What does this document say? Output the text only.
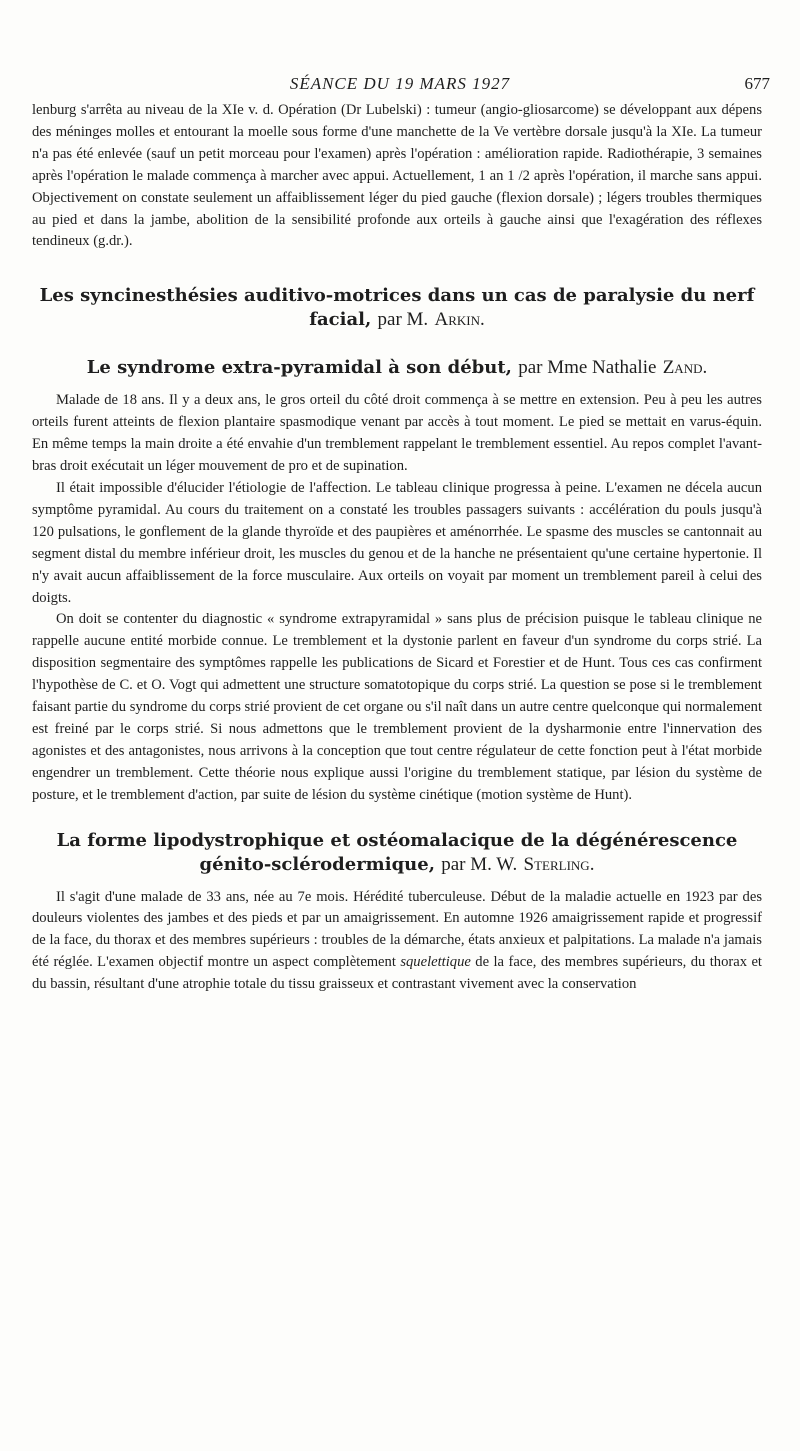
SÉANCE DU 19 MARS 1927	677

lenburg s'arrêta au niveau de la XIe v. d. Opération (Dr Lubelski) : tumeur (angio-gliosarcome) se développant aux dépens des méninges molles et entourant la moelle sous forme d'une manchette de la Ve vertèbre dorsale jusqu'à la XIe. La tumeur n'a pas été enlevée (sauf un petit morceau pour l'examen) après l'opération : amélioration rapide. Radiothérapie, 3 semaines après l'opération le malade commença à marcher avec appui. Actuellement, 1 an 1 /2 après l'opération, il marche sans appui. Objectivement on constate seulement un affaiblissement léger du pied gauche (flexion dorsale) ; légers troubles thermiques au pied et dans la jambe, abolition de la sensibilité profonde aux orteils à gauche ainsi que l'exagération des réflexes tendineux (g.dr.).

Les syncinesthésies auditivo-motrices dans un cas de paralysie du nerf facial, par M. Arkin.
Le syndrome extra-pyramidal à son début, par Mme Nathalie Zand.

Malade de 18 ans. Il y a deux ans, le gros orteil du côté droit commença à se mettre en extension. Peu à peu les autres orteils furent atteints de flexion plantaire spasmodique venant par accès à tout moment. Le pied se mettait en varus-équin. En même temps la main droite a été envahie d'un tremblement rappelant le tremblement essentiel. Au repos complet l'avant-bras droit exécutait un léger mouvement de pro et de supination.

Il était impossible d'élucider l'étiologie de l'affection. Le tableau clinique progressa à peine. L'examen ne décela aucun symptôme pyramidal. Au cours du traitement on a constaté les troubles passagers suivants : accélération du pouls jusqu'à 120 pulsations, le gonflement de la glande thyroïde et des paupières et aménorrhée. Le spasme des muscles se cantonnait au segment distal du membre inférieur droit, les muscles du genou et de la hanche ne présentaient qu'une certaine hypertonie. Il n'y avait aucun affaiblissement de la force musculaire. Aux orteils on voyait par moment un tremblement pareil à celui des doigts.

On doit se contenter du diagnostic « syndrome extrapyramidal » sans plus de précision puisque le tableau clinique ne rappelle aucune entité morbide connue. Le tremblement et la dystonie parlent en faveur d'un syndrome du corps strié. La disposition segmentaire des symptômes rappelle les publications de Sicard et Forestier et de Hunt. Tous ces cas confirment l'hypothèse de C. et O. Vogt qui admettent une structure somatotopique du corps strié. La question se pose si le tremblement faisant partie du syndrome du corps strié provient de cet organe ou s'il naît dans un autre centre quelconque qui normalement est freiné par le corps strié. Si nous admettons que le tremblement provient de la dysharmonie entre l'innervation des agonistes et des antagonistes, nous arrivons à la conception que tout centre régulateur de cette fonction peut à l'état morbide engendrer un tremblement. Cette théorie nous explique aussi l'origine du tremblement statique, par lésion du système de posture, et le tremblement d'action, par suite de lésion du système cinétique (motion système de Hunt).

La forme lipodystrophique et ostéomalacique de la dégénérescence génito-sclérodermique, par M. W. Sterling.

Il s'agit d'une malade de 33 ans, née au 7e mois. Hérédité tuberculeuse. Début de la maladie actuelle en 1923 par des douleurs violentes des jambes et des pieds et par un amaigrissement. En automne 1926 amaigrissement rapide et progressif de la face, du thorax et des membres supérieurs : troubles de la démarche, états anxieux et palpitations. La malade n'a jamais été réglée. L'examen objectif montre un aspect complètement squelettique de la face, des membres supérieurs, du thorax et du bassin, résultant d'une atrophie totale du tissu graisseux et contrastant vivement avec la conservation
